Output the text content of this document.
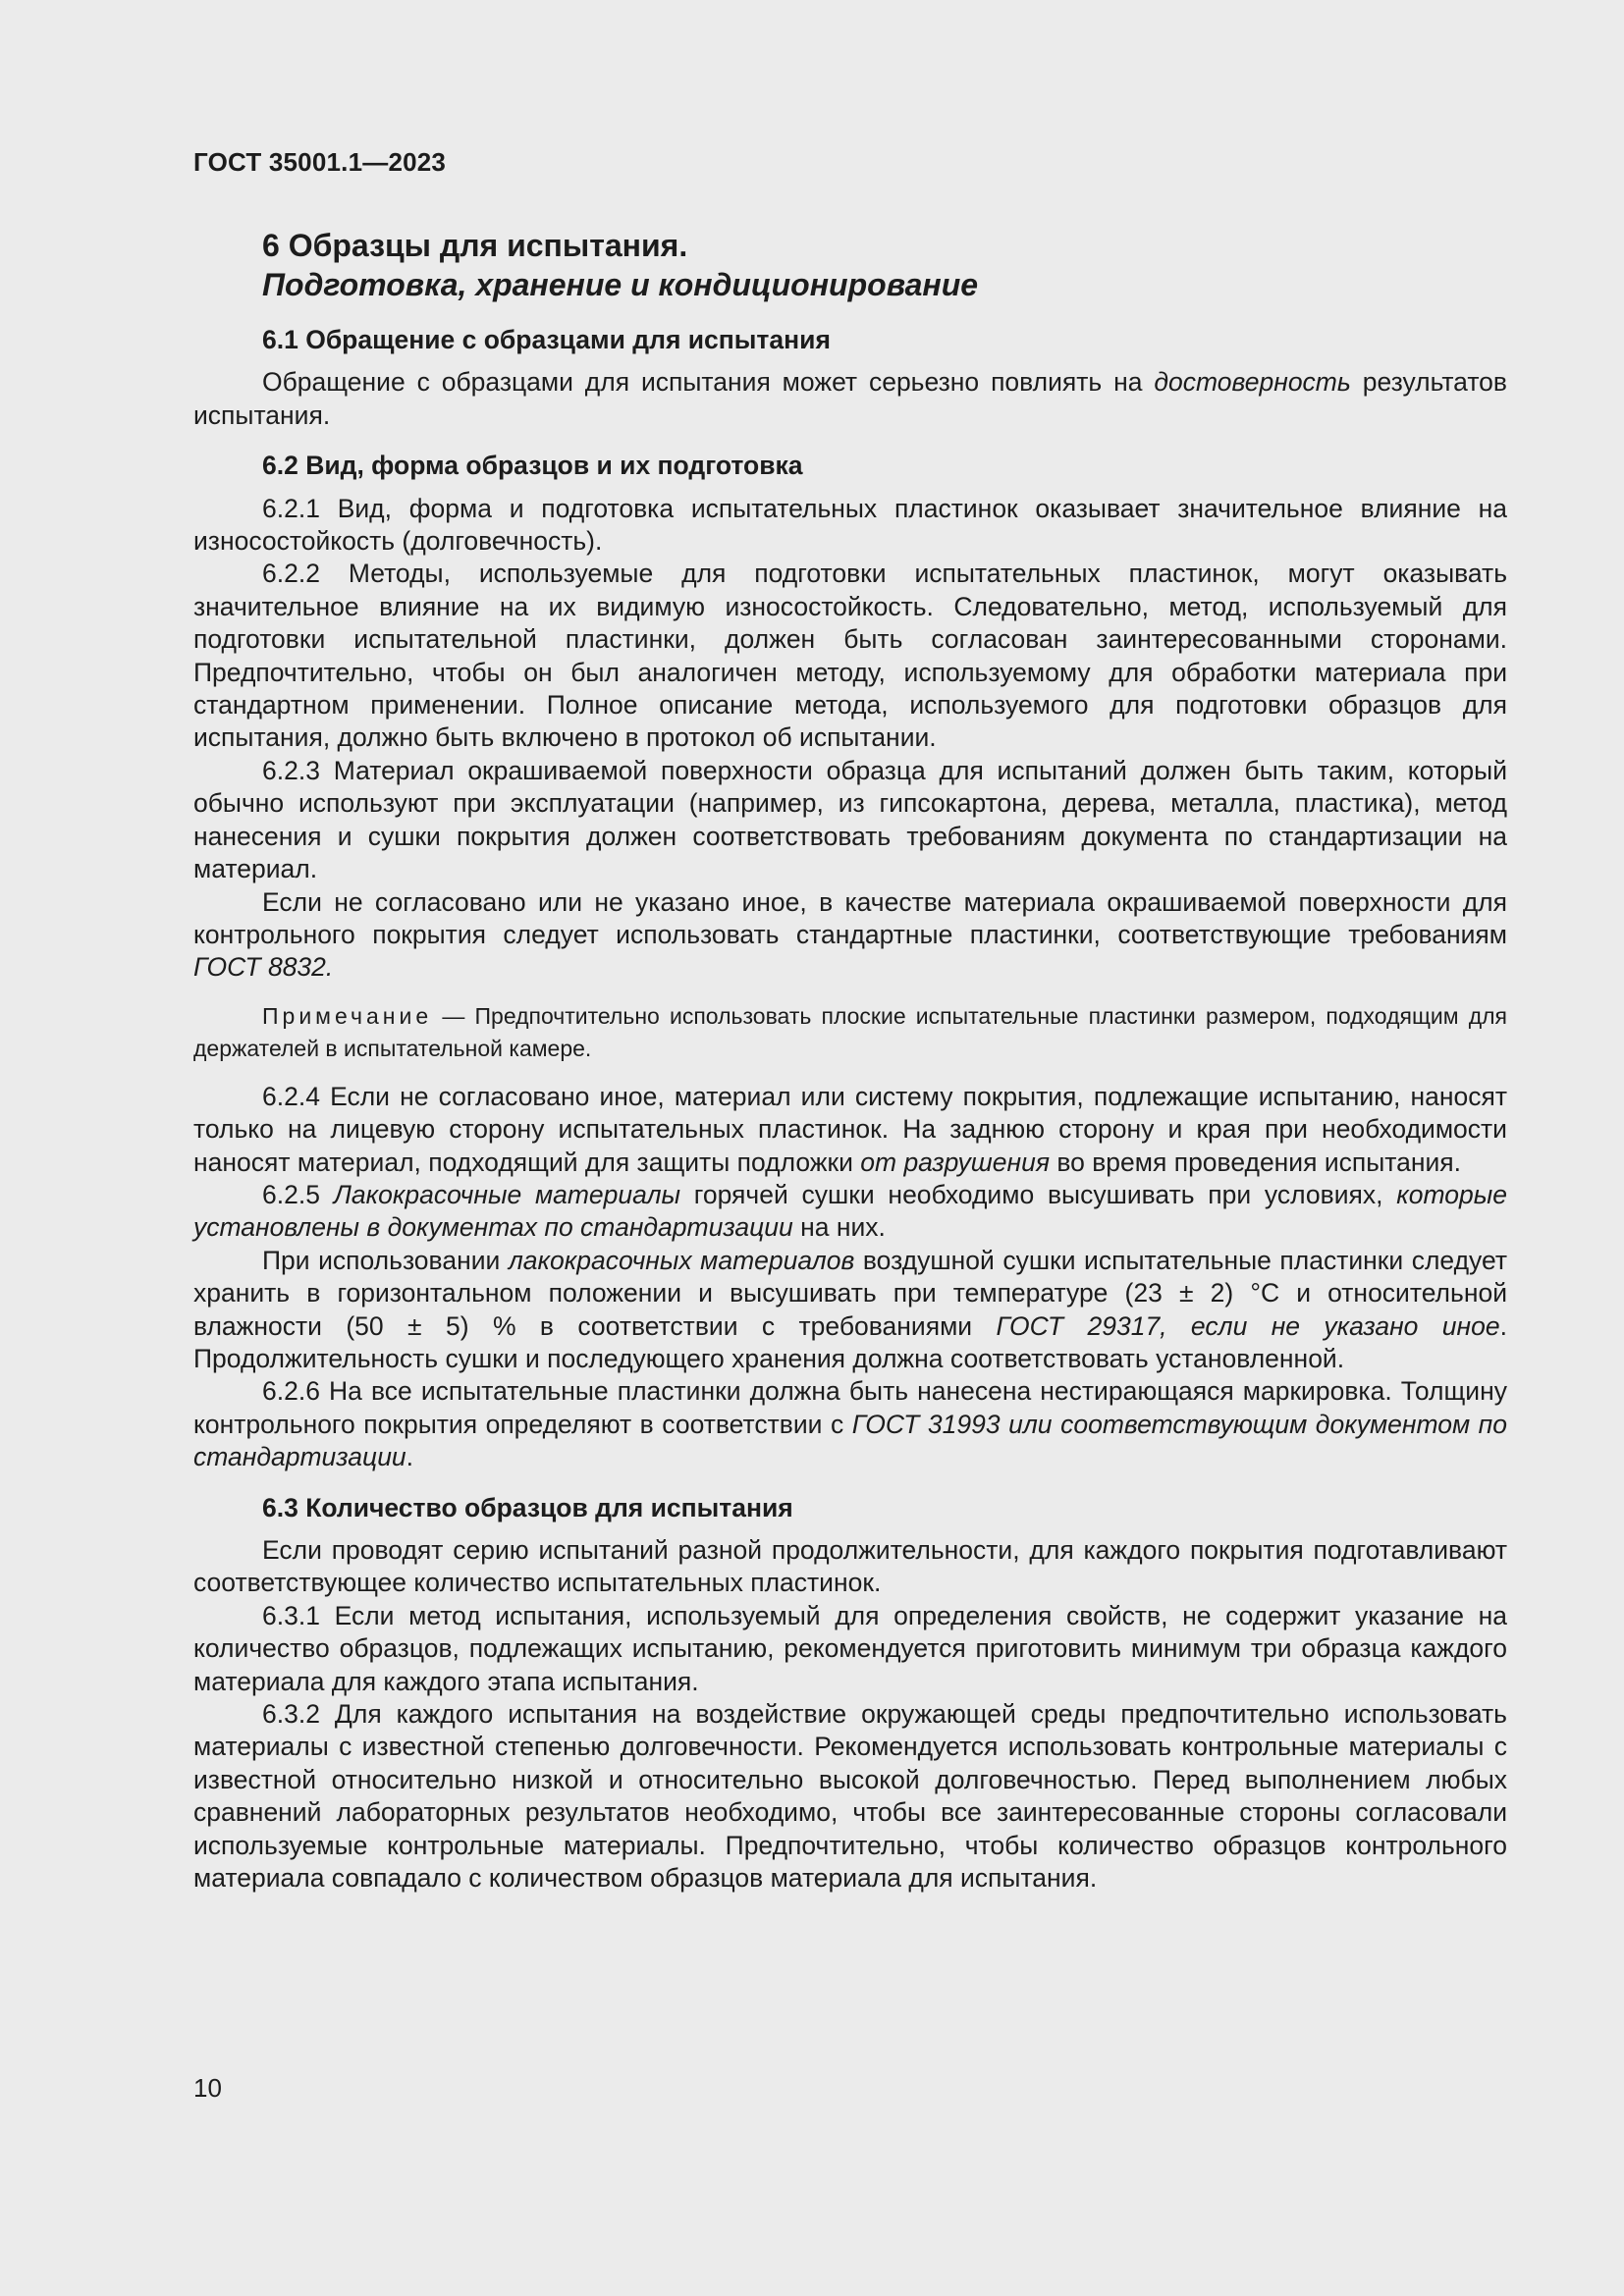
ГОСТ 35001.1—2023
6 Образцы для испытания.
Подготовка, хранение и кондиционирование
6.1 Обращение с образцами для испытания

Обращение с образцами для испытания может серьезно повлиять на достоверность результатов испытания.

6.2 Вид, форма образцов и их подготовка

6.2.1 Вид, форма и подготовка испытательных пластинок оказывает значительное влияние на износостойкость (долговечность).

6.2.2 Методы, используемые для подготовки испытательных пластинок, могут оказывать значительное влияние на их видимую износостойкость. Следовательно, метод, используемый для подготовки испытательной пластинки, должен быть согласован заинтересованными сторонами. Предпочтительно, чтобы он был аналогичен методу, используемому для обработки материала при стандартном применении. Полное описание метода, используемого для подготовки образцов для испытания, должно быть включено в протокол об испытании.

6.2.3 Материал окрашиваемой поверхности образца для испытаний должен быть таким, который обычно используют при эксплуатации (например, из гипсокартона, дерева, металла, пластика), метод нанесения и сушки покрытия должен соответствовать требованиям документа по стандартизации на материал.

Если не согласовано или не указано иное, в качестве материала окрашиваемой поверхности для контрольного покрытия следует использовать стандартные пластинки, соответствующие требованиям ГОСТ 8832.

Примечание — Предпочтительно использовать плоские испытательные пластинки размером, подходящим для держателей в испытательной камере.

6.2.4 Если не согласовано иное, материал или систему покрытия, подлежащие испытанию, наносят только на лицевую сторону испытательных пластинок. На заднюю сторону и края при необходимости наносят материал, подходящий для защиты подложки от разрушения во время проведения испытания.

6.2.5 Лакокрасочные материалы горячей сушки необходимо высушивать при условиях, которые установлены в документах по стандартизации на них.

При использовании лакокрасочных материалов воздушной сушки испытательные пластинки следует хранить в горизонтальном положении и высушивать при температуре (23 ± 2) °C и относительной влажности (50 ± 5) % в соответствии с требованиями ГОСТ 29317, если не указано иное. Продолжительность сушки и последующего хранения должна соответствовать установленной.

6.2.6 На все испытательные пластинки должна быть нанесена нестирающаяся маркировка. Толщину контрольного покрытия определяют в соответствии с ГОСТ 31993 или соответствующим документом по стандартизации.

6.3 Количество образцов для испытания

Если проводят серию испытаний разной продолжительности, для каждого покрытия подготавливают соответствующее количество испытательных пластинок.

6.3.1 Если метод испытания, используемый для определения свойств, не содержит указание на количество образцов, подлежащих испытанию, рекомендуется приготовить минимум три образца каждого материала для каждого этапа испытания.

6.3.2 Для каждого испытания на воздействие окружающей среды предпочтительно использовать материалы с известной степенью долговечности. Рекомендуется использовать контрольные материалы с известной относительно низкой и относительно высокой долговечностью. Перед выполнением любых сравнений лабораторных результатов необходимо, чтобы все заинтересованные стороны согласовали используемые контрольные материалы. Предпочтительно, чтобы количество образцов контрольного материала совпадало с количеством образцов материала для испытания.

10
